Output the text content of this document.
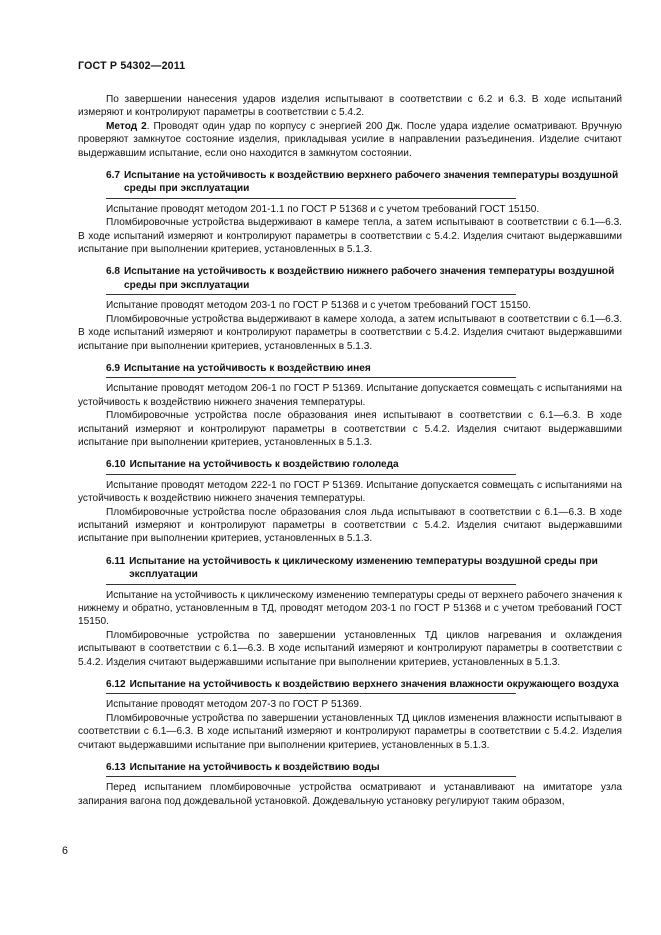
ГОСТ Р 54302—2011

По завершении нанесения ударов изделия испытывают в соответствии с 6.2 и 6.3. В ходе испытаний измеряют и контролируют параметры в соответствии с 5.4.2.

Метод 2. Проводят один удар по корпусу с энергией 200 Дж. После удара изделие осматривают. Вручную проверяют замкнутое состояние изделия, прикладывая усилие в направлении разъединения. Изделие считают выдержавшим испытание, если оно находится в замкнутом состоянии.

6.7 Испытание на устойчивость к воздействию верхнего рабочего значения температуры воздушной среды при эксплуатации

Испытание проводят методом 201-1.1 по ГОСТ Р 51368 и с учетом требований ГОСТ 15150.

Пломбировочные устройства выдерживают в камере тепла, а затем испытывают в соответствии с 6.1—6.3. В ходе испытаний измеряют и контролируют параметры в соответствии с 5.4.2. Изделия считают выдержавшими испытание при выполнении критериев, установленных в 5.1.3.

6.8 Испытание на устойчивость к воздействию нижнего рабочего значения температуры воздушной среды при эксплуатации

Испытание проводят методом 203-1 по ГОСТ Р 51368 и с учетом требований ГОСТ 15150.

Пломбировочные устройства выдерживают в камере холода, а затем испытывают в соответствии с 6.1—6.3. В ходе испытаний измеряют и контролируют параметры в соответствии с 5.4.2. Изделия считают выдержавшими испытание при выполнении критериев, установленных в 5.1.3.

6.9 Испытание на устойчивость к воздействию инея

Испытание проводят методом 206-1 по ГОСТ Р 51369. Испытание допускается совмещать с испытаниями на устойчивость к воздействию нижнего значения температуры.

Пломбировочные устройства после образования инея испытывают в соответствии с 6.1—6.3. В ходе испытаний измеряют и контролируют параметры в соответствии с 5.4.2. Изделия считают выдержавшими испытание при выполнении критериев, установленных в 5.1.3.

6.10 Испытание на устойчивость к воздействию гололеда

Испытание проводят методом 222-1 по ГОСТ Р 51369. Испытание допускается совмещать с испытаниями на устойчивость к воздействию нижнего значения температуры.

Пломбировочные устройства после образования слоя льда испытывают в соответствии с 6.1—6.3. В ходе испытаний измеряют и контролируют параметры в соответствии с 5.4.2. Изделия считают выдержавшими испытание при выполнении критериев, установленных в 5.1.3.

6.11 Испытание на устойчивость к циклическому изменению температуры воздушной среды при эксплуатации

Испытание на устойчивость к циклическому изменению температуры среды от верхнего рабочего значения к нижнему и обратно, установленным в ТД, проводят методом 203-1 по ГОСТ Р 51368 и с учетом требований ГОСТ 15150.

Пломбировочные устройства по завершении установленных ТД циклов нагревания и охлаждения испытывают в соответствии с 6.1—6.3. В ходе испытаний измеряют и контролируют параметры в соответствии с 5.4.2. Изделия считают выдержавшими испытание при выполнении критериев, установленных в 5.1.3.

6.12 Испытание на устойчивость к воздействию верхнего значения влажности окружающего воздуха

Испытание проводят методом 207-3 по ГОСТ Р 51369.

Пломбировочные устройства по завершении установленных ТД циклов изменения влажности испытывают в соответствии с 6.1—6.3. В ходе испытаний измеряют и контролируют параметры в соответствии с 5.4.2. Изделия считают выдержавшими испытание при выполнении критериев, установленных в 5.1.3.

6.13 Испытание на устойчивость к воздействию воды

Перед испытанием пломбировочные устройства осматривают и устанавливают на имитаторе узла запирания вагона под дождевальной установкой. Дождевальную установку регулируют таким образом,

6
